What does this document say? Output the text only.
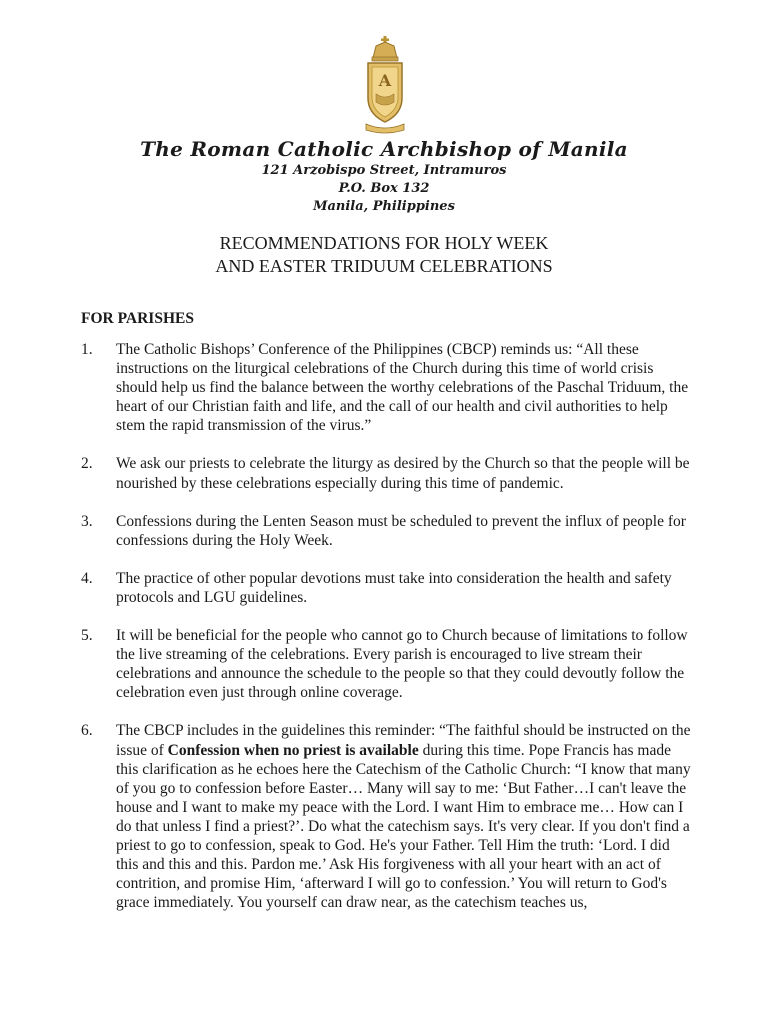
A
The Roman Catholic Archbishop of Manila
121 Arzobispo Street, Intramuros
P.O. Box 132
Manila, Philippines
RECOMMENDATIONS FOR HOLY WEEK
AND EASTER TRIDUUM CELEBRATIONS
FOR PARISHES
1. The Catholic Bishops’ Conference of the Philippines (CBCP) reminds us: “All these instructions on the liturgical celebrations of the Church during this time of world crisis should help us find the balance between the worthy celebrations of the Paschal Triduum, the heart of our Christian faith and life, and the call of our health and civil authorities to help stem the rapid transmission of the virus.”
2. We ask our priests to celebrate the liturgy as desired by the Church so that the people will be nourished by these celebrations especially during this time of pandemic.
3. Confessions during the Lenten Season must be scheduled to prevent the influx of people for confessions during the Holy Week.
4. The practice of other popular devotions must take into consideration the health and safety protocols and LGU guidelines.
5. It will be beneficial for the people who cannot go to Church because of limitations to follow the live streaming of the celebrations. Every parish is encouraged to live stream their celebrations and announce the schedule to the people so that they could devoutly follow the celebration even just through online coverage.
6. The CBCP includes in the guidelines this reminder: “The faithful should be instructed on the issue of Confession when no priest is available during this time. Pope Francis has made this clarification as he echoes here the Catechism of the Catholic Church: “I know that many of you go to confession before Easter… Many will say to me: ‘But Father…I can't leave the house and I want to make my peace with the Lord. I want Him to embrace me… How can I do that unless I find a priest?’. Do what the catechism says. It's very clear. If you don't find a priest to go to confession, speak to God. He's your Father. Tell Him the truth: ‘Lord. I did this and this and this. Pardon me.’ Ask His forgiveness with all your heart with an act of contrition, and promise Him, ‘afterward I will go to confession.’ You will return to God's grace immediately. You yourself can draw near, as the catechism teaches us,
